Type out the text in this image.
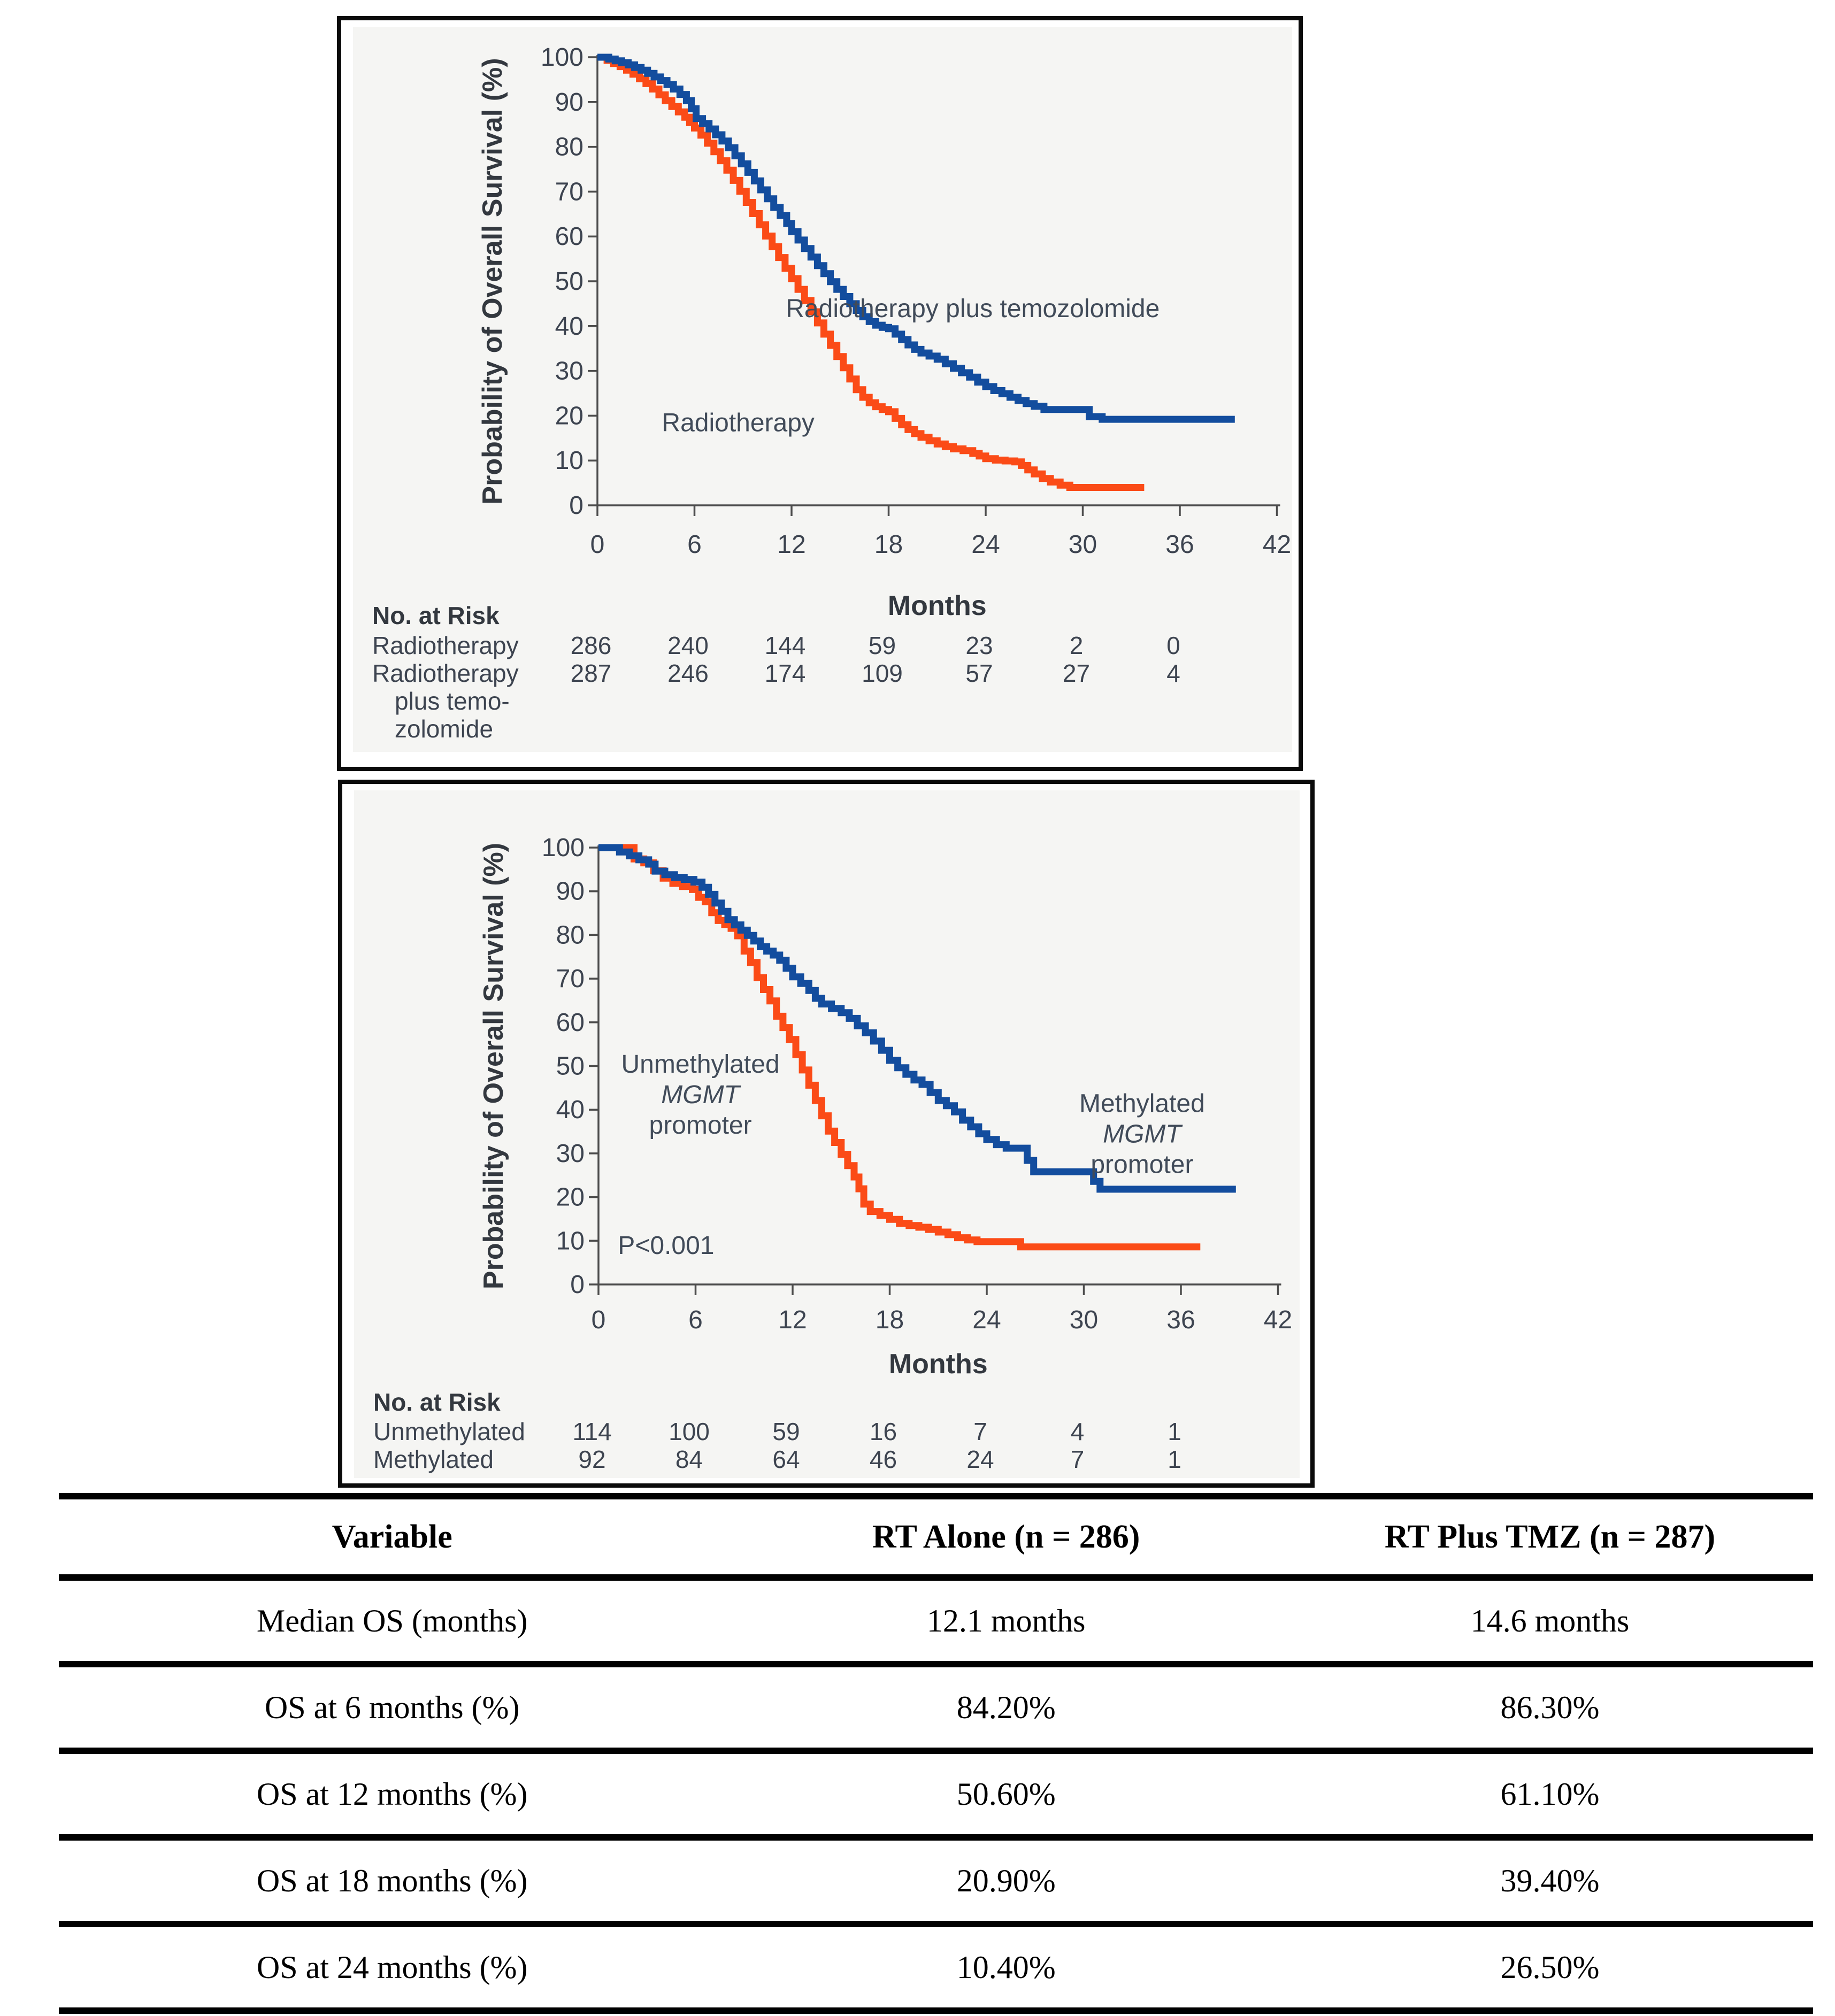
0
10
20
30
40
50
60
70
80
90
100
0	6	12	18	24	30	36	42
Months
Probability of Overall Survival (%)	Radiotherapy plus temozolomide
Radiotherapy
No. at Risk
Radiotherapy 286 240 144	59	23	2	0
Radiotherapy
plus temo-
zolomide
287 246 174 109	57	27	4
0
10
20
30
40
50
60
70
80
90
100
0	6	12	18	24	30	36	42
Months
Probability of Overall Survival (%)	Unmethylated
MGMT
promoter
Methylated
MGMT
promoter
P<0.001
No. at Risk
Unmethylated 114 100	59	16	7	4	1
Methylated	92	84	64	46	24	7	1
Variable	RT Alone (n = 286)	RT Plus TMZ (n = 287)
Median OS (months)	12.1 months	14.6 months
OS at 6 months (%)	84.20%	86.30%
OS at 12 months (%)	50.60%	61.10%
OS at 18 months (%)	20.90%	39.40%
OS at 24 months (%)	10.40%	26.50%
